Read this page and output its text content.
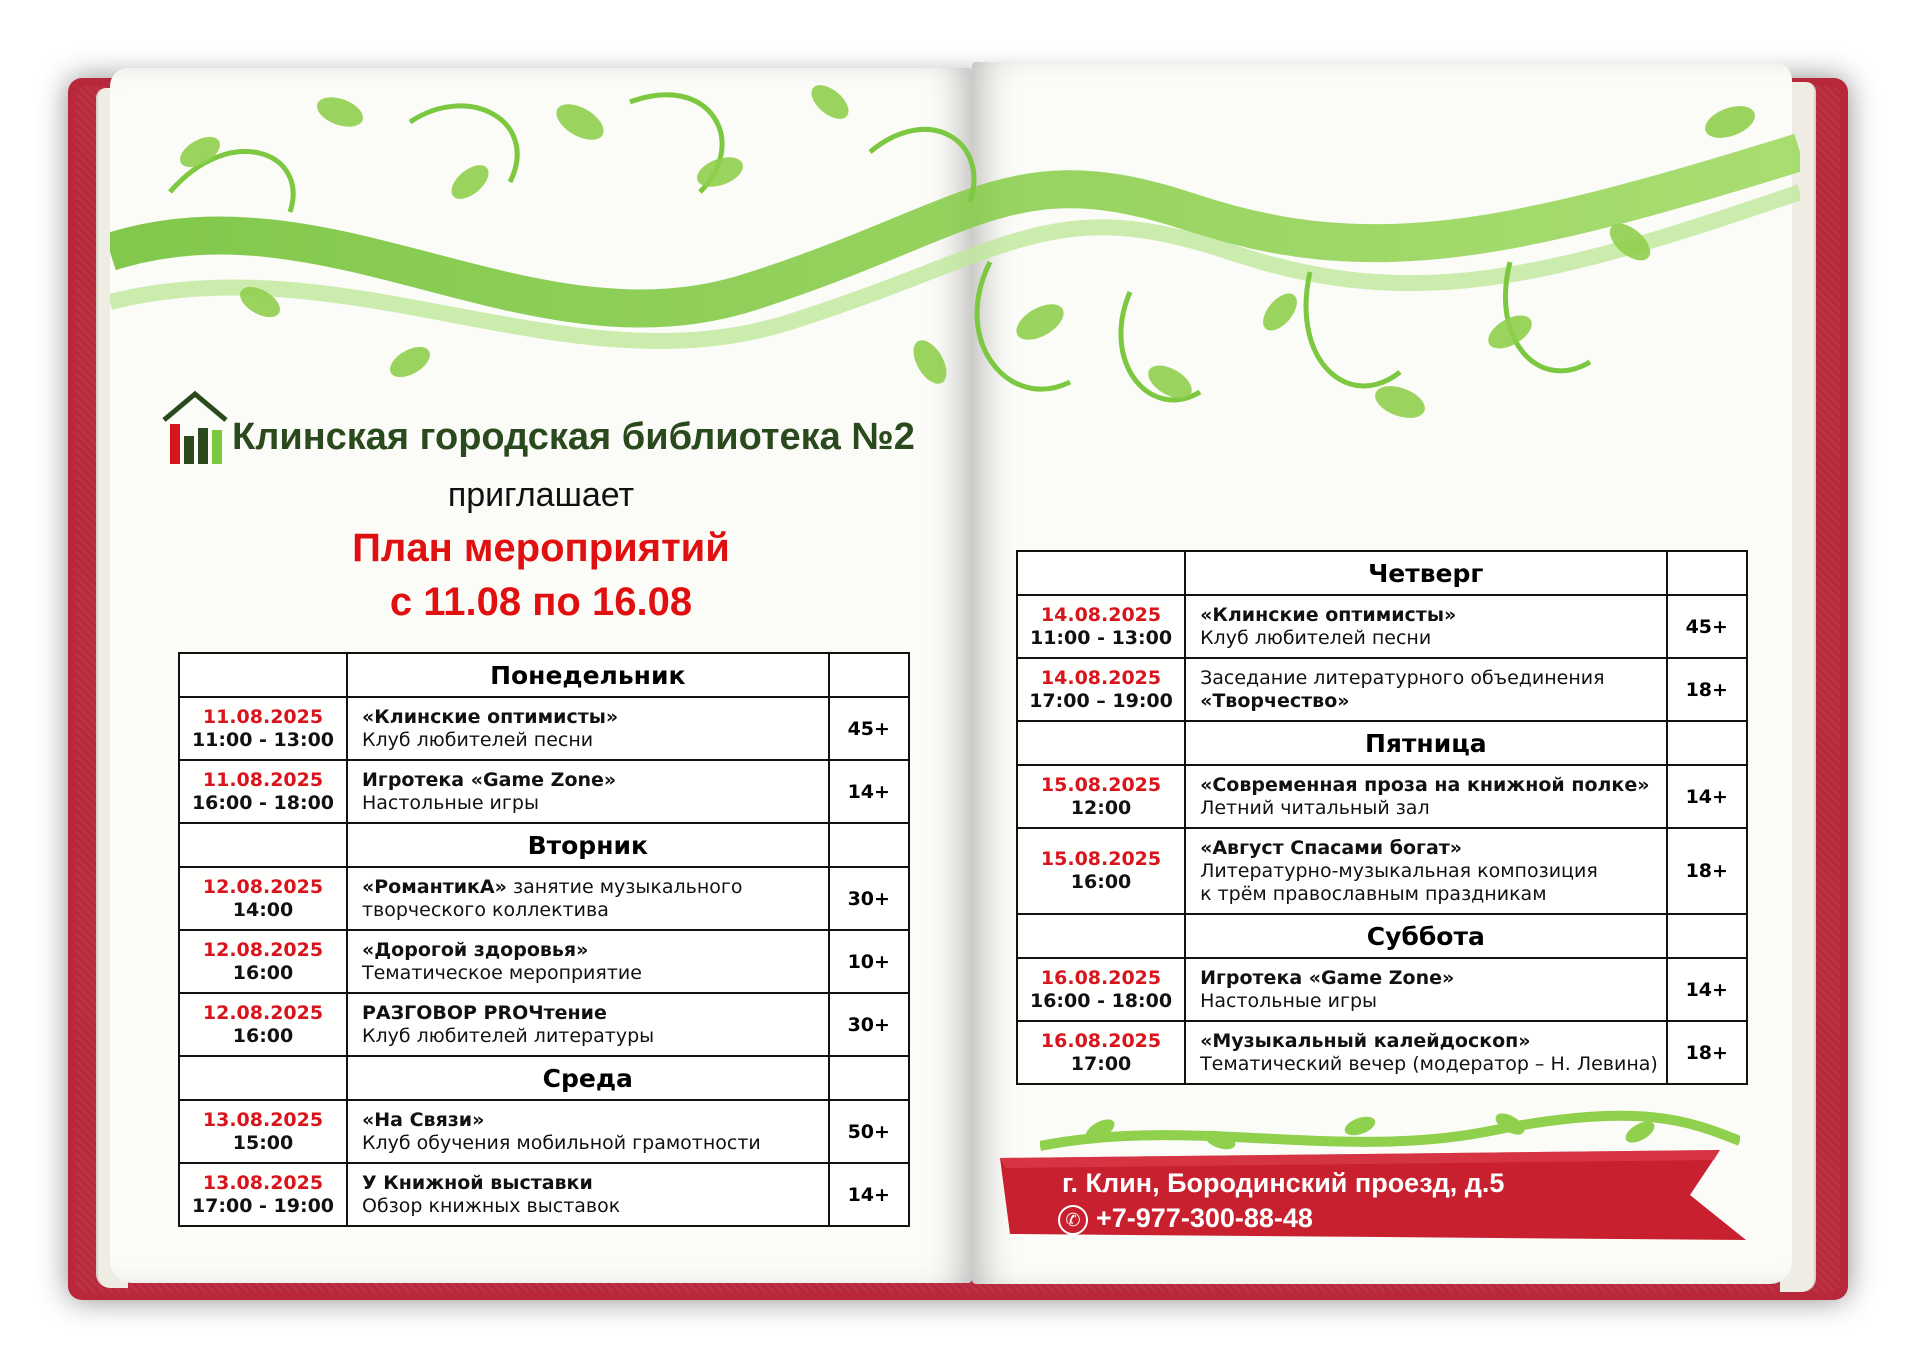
Клинская городская библиотека №2
приглашает
План мероприятий
с 11.08 по 16.08
	Понедельник	

11.08.2025
11:00 - 13:00	«Клинские оптимисты»
Клуб любителей песни	45+

11.08.2025
16:00 - 18:00	Игротека «Game Zone»
Настольные игры	14+
	Вторник	

12.08.2025
14:00	«РомантикА» занятие музыкального
творческого коллектива	30+

12.08.2025
16:00	«Дорогой здоровья»
Тематическое мероприятие	10+

12.08.2025
16:00	РАЗГОВОР PROЧтение
Клуб любителей литературы	30+
	Среда	

13.08.2025
15:00	«На Связи»
Клуб обучения мобильной грамотности	50+

13.08.2025
17:00 - 19:00	У Книжной выставки
Обзор книжных выставок	14+
	Четверг	

14.08.2025
11:00 - 13:00	«Клинские оптимисты»
Клуб любителей песни	45+

14.08.2025
17:00 – 19:00	Заседание литературного объединения
«Творчество»	18+
	Пятница	

15.08.2025
12:00	«Современная проза на книжной полке»
Летний читальный зал	14+

15.08.2025
16:00	«Август Спасами богат»
Литературно-музыкальная композиция
к трём православным праздникам	18+
	Суббота	

16.08.2025
16:00 - 18:00	Игротека «Game Zone»
Настольные игры	14+

16.08.2025
17:00	«Музыкальный калейдоскоп»
Тематический вечер (модератор – Н. Левина)	18+
г. Клин, Бородинский проезд, д.5
✆ +7-977-300-88-48
